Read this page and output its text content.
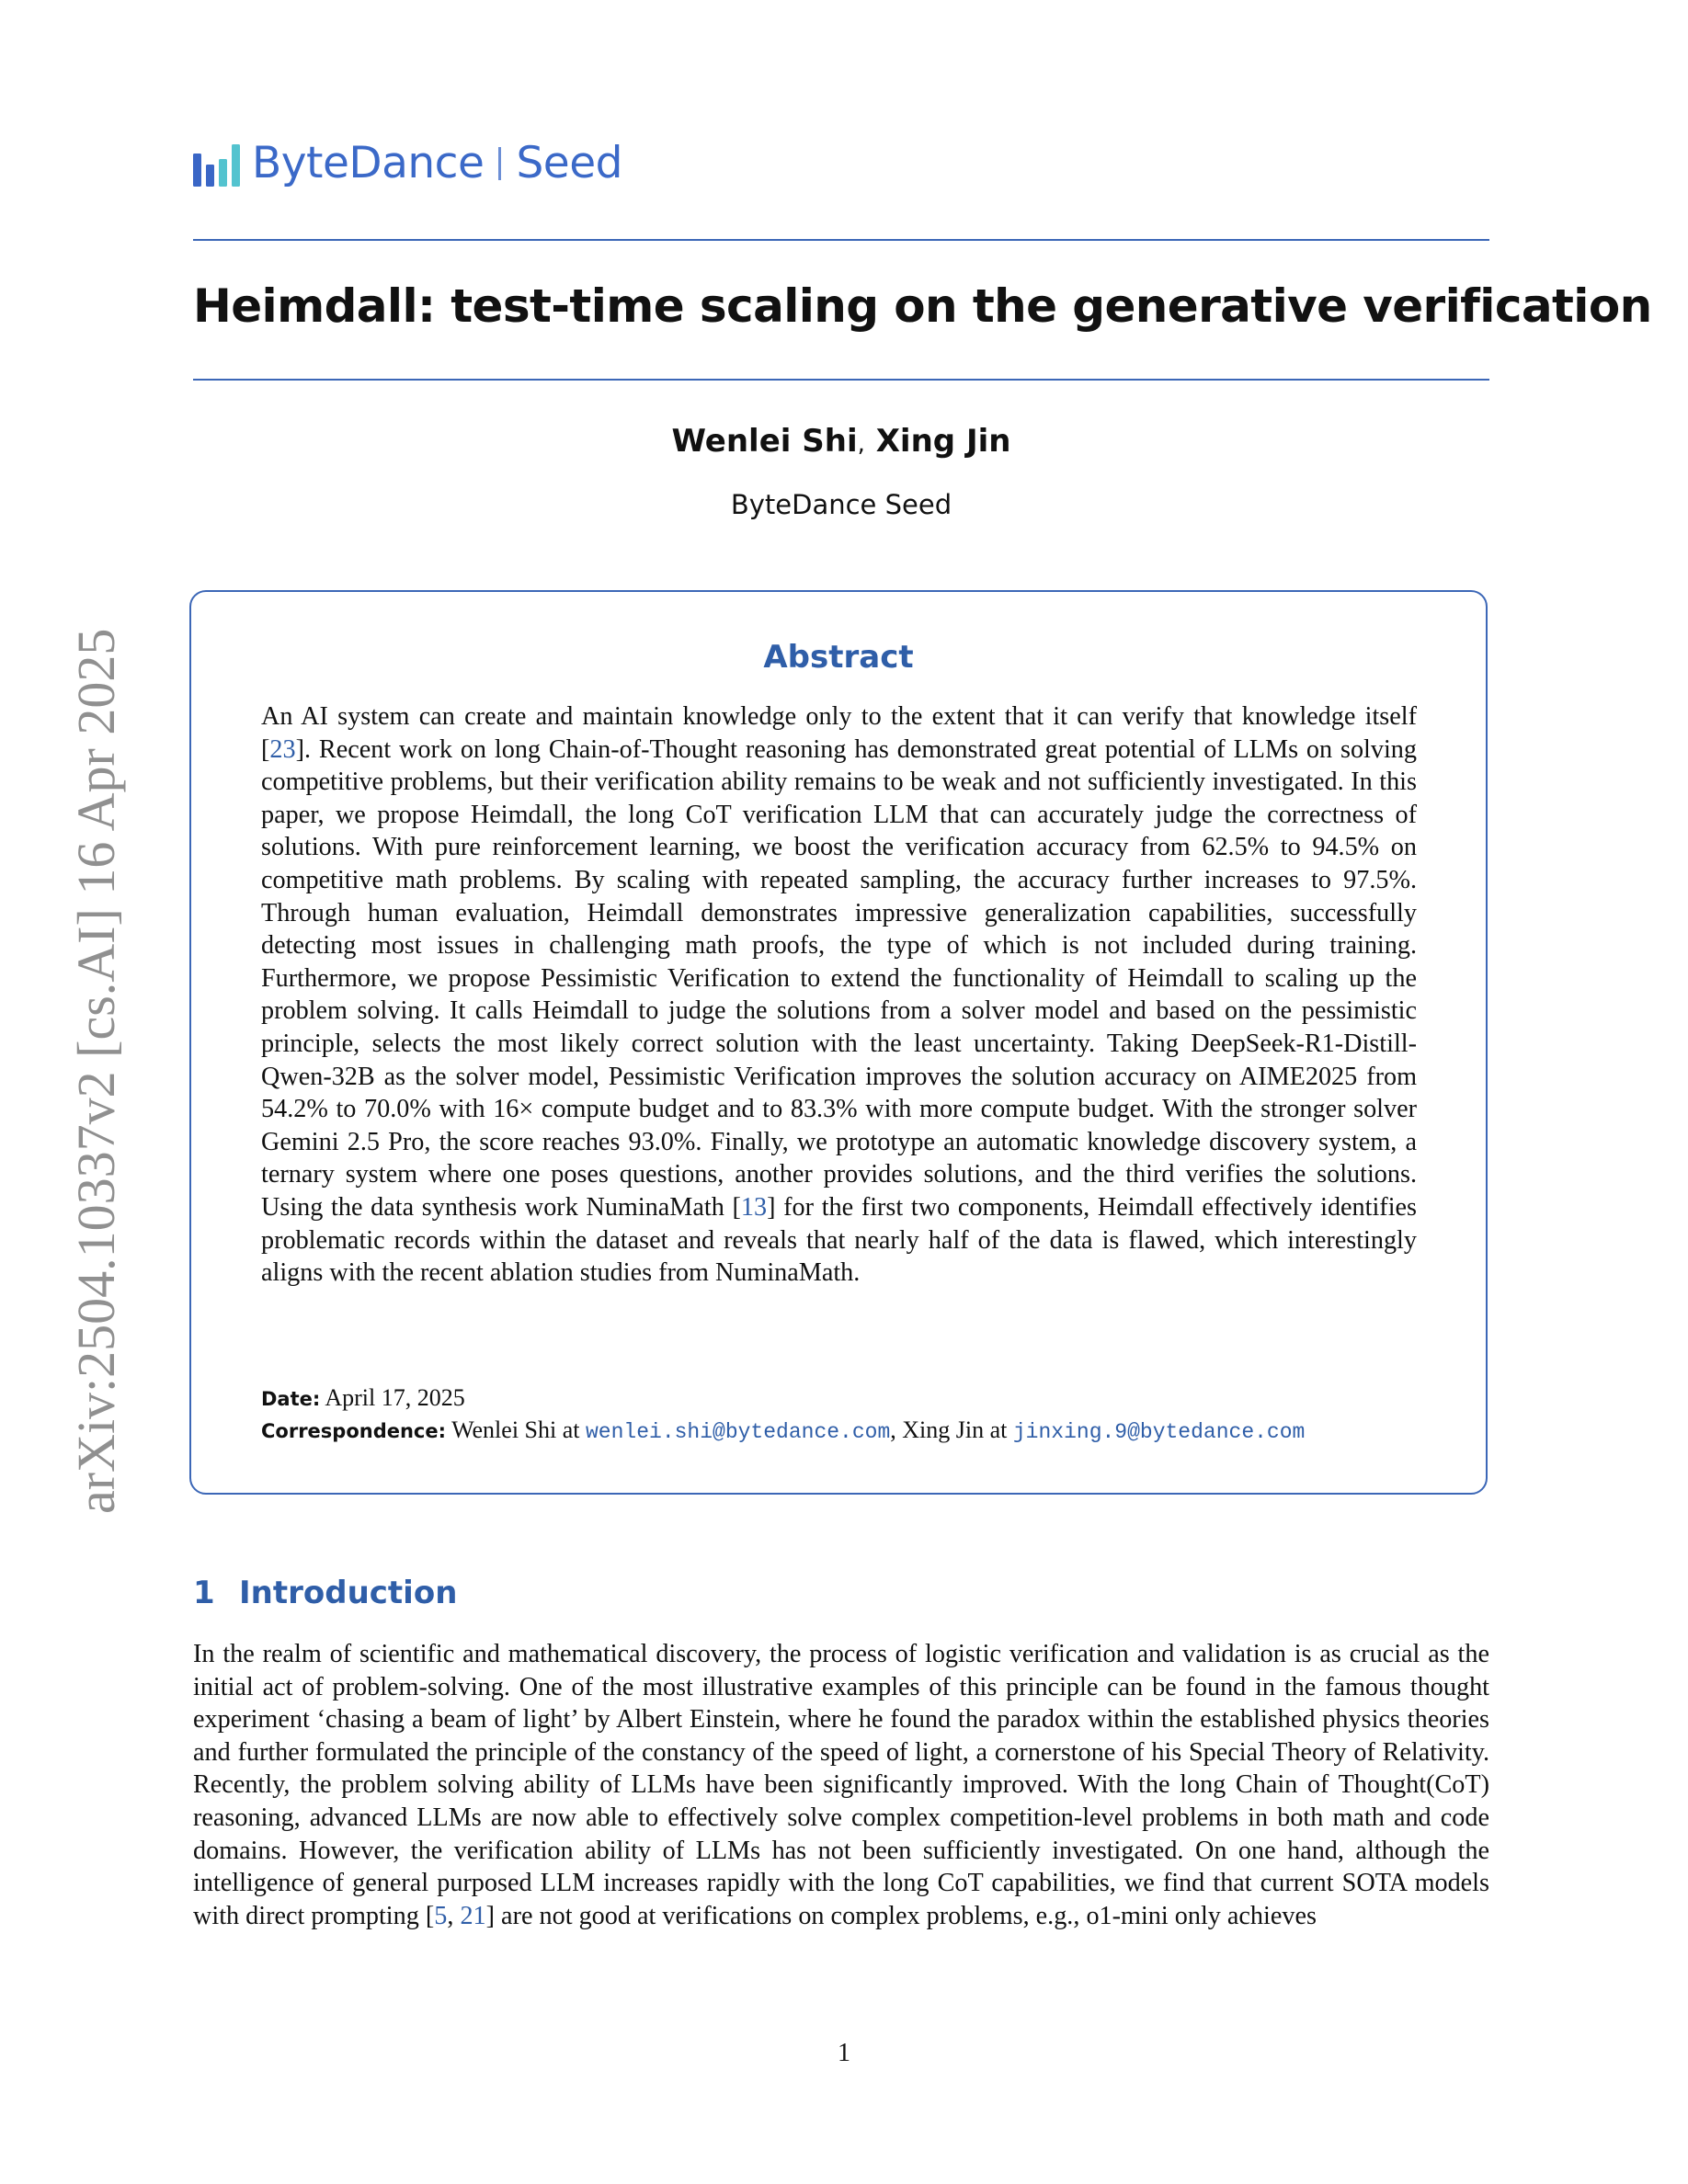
ByteDance Seed
Heimdall: test-time scaling on the generative verification
Wenlei Shi, Xing Jin
ByteDance Seed
arXiv:2504.10337v2 [cs.AI] 16 Apr 2025	Abstract

An AI system can create and maintain knowledge only to the extent that it can verify that knowledge itself [23]. Recent work on long Chain-of-Thought reasoning has demonstrated great potential of LLMs on solving competitive problems, but their verification ability remains to be weak and not sufficiently investigated. In this paper, we propose Heimdall, the long CoT verification LLM that can accurately judge the correctness of solutions. With pure reinforcement learning, we boost the verification accuracy from 62.5% to 94.5% on competitive math problems. By scaling with repeated sampling, the accuracy further increases to 97.5%. Through human evaluation, Heimdall demonstrates impressive generalization capabilities, successfully detecting most issues in challenging math proofs, the type of which is not included during training. Furthermore, we propose Pessimistic Verification to extend the functionality of Heimdall to scaling up the problem solving. It calls Heimdall to judge the solutions from a solver model and based on the pessimistic principle, selects the most likely correct solution with the least uncertainty. Taking DeepSeek-R1-Distill-Qwen-32B as the solver model, Pessimistic Verification improves the solution accuracy on AIME2025 from 54.2% to 70.0% with 16× compute budget and to 83.3% with more compute budget. With the stronger solver Gemini 2.5 Pro, the score reaches 93.0%. Finally, we prototype an automatic knowledge discovery system, a ternary system where one poses questions, another provides solutions, and the third verifies the solutions. Using the data synthesis work NuminaMath [13] for the first two components, Heimdall effectively identifies problematic records within the dataset and reveals that nearly half of the data is flawed, which interestingly aligns with the recent ablation studies from NuminaMath.

Date: April 17, 2025
Correspondence: Wenlei Shi at wenlei.shi@bytedance.com, Xing Jin at jinxing.9@bytedance.com
1 Introduction

In the realm of scientific and mathematical discovery, the process of logistic verification and validation is as crucial as the initial act of problem-solving. One of the most illustrative examples of this principle can be found in the famous thought experiment ‘chasing a beam of light’ by Albert Einstein, where he found the paradox within the established physics theories and further formulated the principle of the constancy of the speed of light, a cornerstone of his Special Theory of Relativity. Recently, the problem solving ability of LLMs have been significantly improved. With the long Chain of Thought(CoT) reasoning, advanced LLMs are now able to effectively solve complex competition-level problems in both math and code domains. However, the verification ability of LLMs has not been sufficiently investigated. On one hand, although the intelligence of general purposed LLM increases rapidly with the long CoT capabilities, we find that current SOTA models with direct prompting [5, 21] are not good at verifications on complex problems, e.g., o1-mini only achieves

1
